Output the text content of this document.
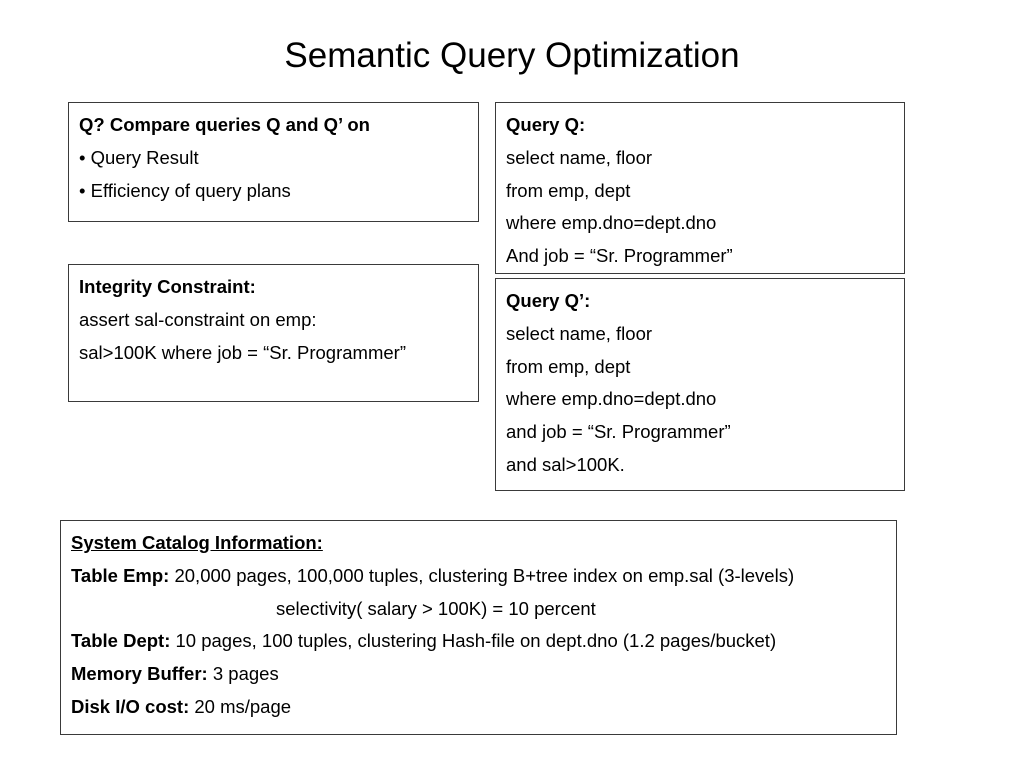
Semantic Query Optimization
Q? Compare queries Q and Q’ on
• Query Result
• Efficiency of query plans
Query Q:
select name, floor
from emp, dept
where emp.dno=dept.dno
And job = “Sr. Programmer”
Integrity Constraint:
assert sal-constraint on emp:
sal>100K where job = “Sr. Programmer”
Query Q’:
select name, floor
from emp, dept
where emp.dno=dept.dno
and job = “Sr. Programmer”
and sal>100K.
System Catalog Information:
Table Emp: 20,000 pages, 100,000 tuples, clustering B+tree index on emp.sal (3-levels)
selectivity( salary > 100K) = 10 percent
Table Dept: 10 pages, 100 tuples, clustering Hash-file on dept.dno (1.2 pages/bucket)
Memory Buffer: 3 pages
Disk I/O cost: 20 ms/page
